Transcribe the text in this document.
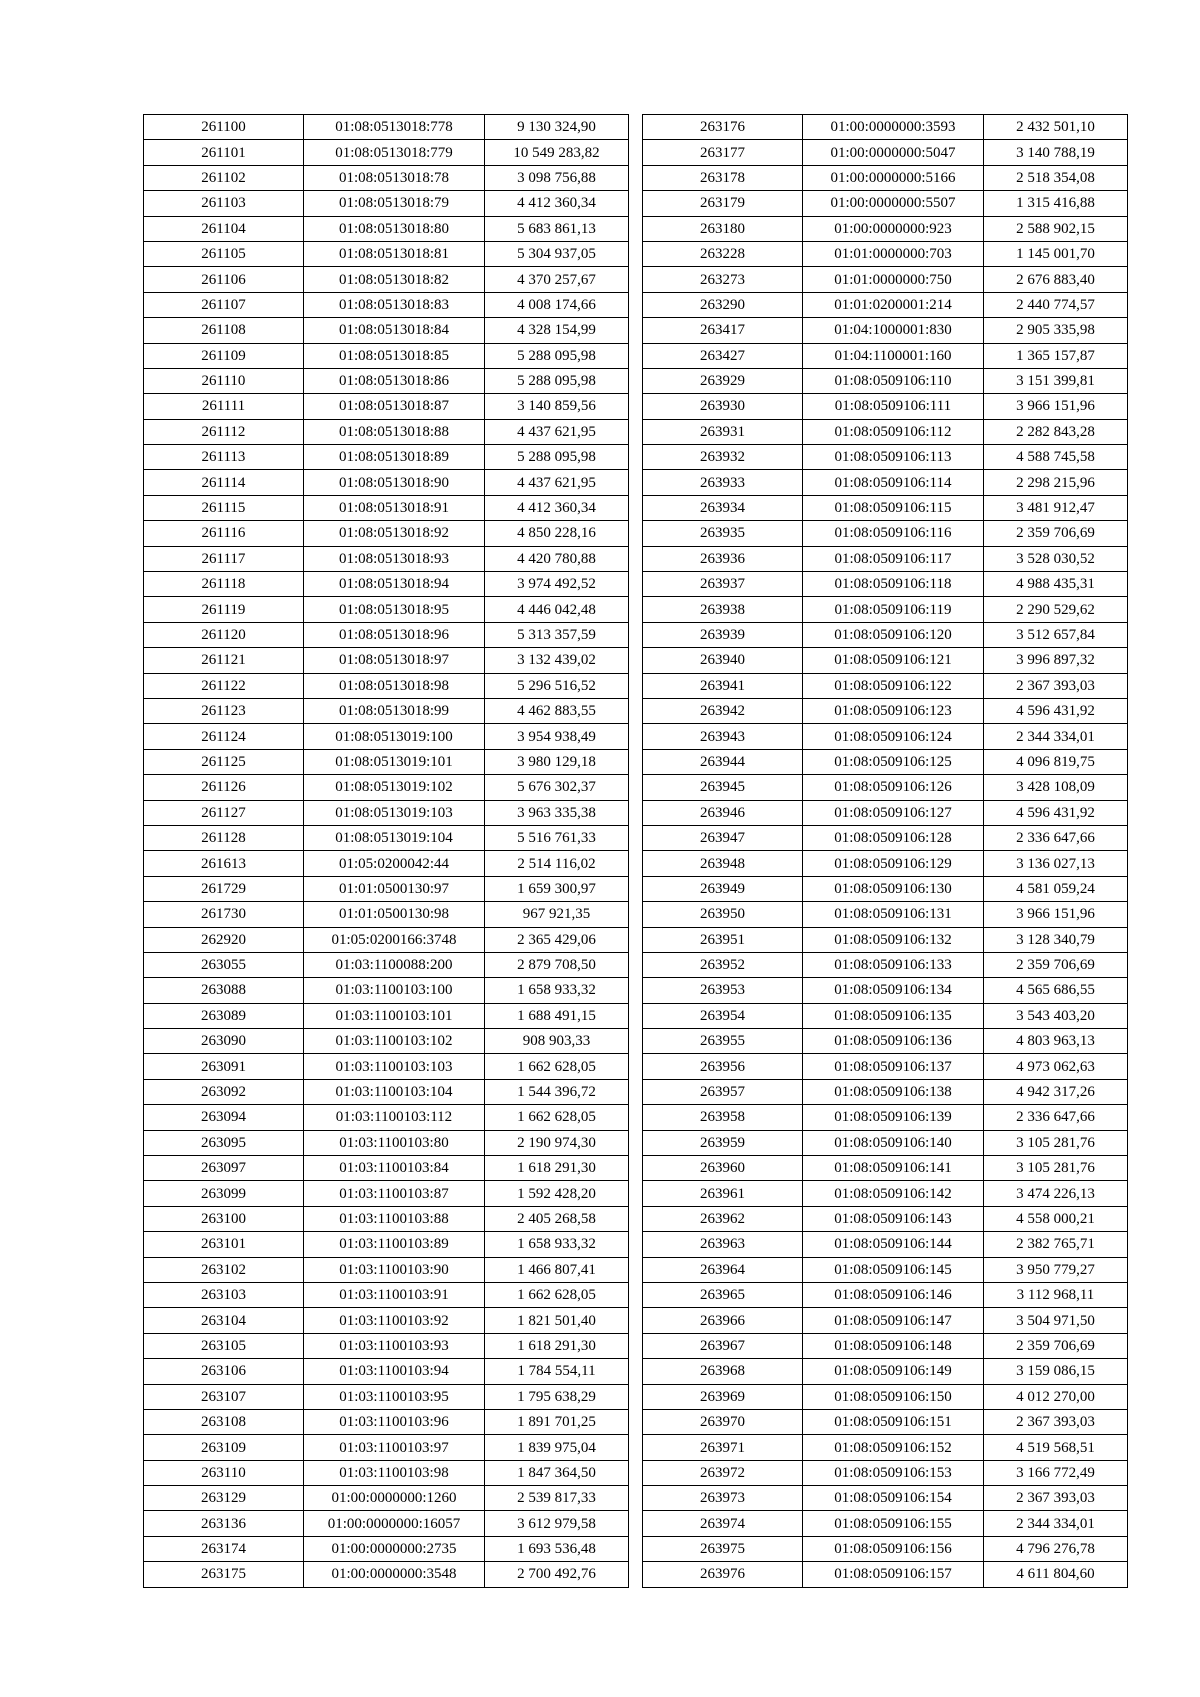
261100	01:08:0513018:778	9 130 324,90
261101	01:08:0513018:779	10 549 283,82
261102	01:08:0513018:78	3 098 756,88
261103	01:08:0513018:79	4 412 360,34
261104	01:08:0513018:80	5 683 861,13
261105	01:08:0513018:81	5 304 937,05
261106	01:08:0513018:82	4 370 257,67
261107	01:08:0513018:83	4 008 174,66
261108	01:08:0513018:84	4 328 154,99
261109	01:08:0513018:85	5 288 095,98
261110	01:08:0513018:86	5 288 095,98
261111	01:08:0513018:87	3 140 859,56
261112	01:08:0513018:88	4 437 621,95
261113	01:08:0513018:89	5 288 095,98
261114	01:08:0513018:90	4 437 621,95
261115	01:08:0513018:91	4 412 360,34
261116	01:08:0513018:92	4 850 228,16
261117	01:08:0513018:93	4 420 780,88
261118	01:08:0513018:94	3 974 492,52
261119	01:08:0513018:95	4 446 042,48
261120	01:08:0513018:96	5 313 357,59
261121	01:08:0513018:97	3 132 439,02
261122	01:08:0513018:98	5 296 516,52
261123	01:08:0513018:99	4 462 883,55
261124	01:08:0513019:100	3 954 938,49
261125	01:08:0513019:101	3 980 129,18
261126	01:08:0513019:102	5 676 302,37
261127	01:08:0513019:103	3 963 335,38
261128	01:08:0513019:104	5 516 761,33
261613	01:05:0200042:44	2 514 116,02
261729	01:01:0500130:97	1 659 300,97
261730	01:01:0500130:98	967 921,35
262920	01:05:0200166:3748	2 365 429,06
263055	01:03:1100088:200	2 879 708,50
263088	01:03:1100103:100	1 658 933,32
263089	01:03:1100103:101	1 688 491,15
263090	01:03:1100103:102	908 903,33
263091	01:03:1100103:103	1 662 628,05
263092	01:03:1100103:104	1 544 396,72
263094	01:03:1100103:112	1 662 628,05
263095	01:03:1100103:80	2 190 974,30
263097	01:03:1100103:84	1 618 291,30
263099	01:03:1100103:87	1 592 428,20
263100	01:03:1100103:88	2 405 268,58
263101	01:03:1100103:89	1 658 933,32
263102	01:03:1100103:90	1 466 807,41
263103	01:03:1100103:91	1 662 628,05
263104	01:03:1100103:92	1 821 501,40
263105	01:03:1100103:93	1 618 291,30
263106	01:03:1100103:94	1 784 554,11
263107	01:03:1100103:95	1 795 638,29
263108	01:03:1100103:96	1 891 701,25
263109	01:03:1100103:97	1 839 975,04
263110	01:03:1100103:98	1 847 364,50
263129	01:00:0000000:1260	2 539 817,33
263136	01:00:0000000:16057	3 612 979,58
263174	01:00:0000000:2735	1 693 536,48
263175	01:00:0000000:3548	2 700 492,76
263176	01:00:0000000:3593	2 432 501,10
263177	01:00:0000000:5047	3 140 788,19
263178	01:00:0000000:5166	2 518 354,08
263179	01:00:0000000:5507	1 315 416,88
263180	01:00:0000000:923	2 588 902,15
263228	01:01:0000000:703	1 145 001,70
263273	01:01:0000000:750	2 676 883,40
263290	01:01:0200001:214	2 440 774,57
263417	01:04:1000001:830	2 905 335,98
263427	01:04:1100001:160	1 365 157,87
263929	01:08:0509106:110	3 151 399,81
263930	01:08:0509106:111	3 966 151,96
263931	01:08:0509106:112	2 282 843,28
263932	01:08:0509106:113	4 588 745,58
263933	01:08:0509106:114	2 298 215,96
263934	01:08:0509106:115	3 481 912,47
263935	01:08:0509106:116	2 359 706,69
263936	01:08:0509106:117	3 528 030,52
263937	01:08:0509106:118	4 988 435,31
263938	01:08:0509106:119	2 290 529,62
263939	01:08:0509106:120	3 512 657,84
263940	01:08:0509106:121	3 996 897,32
263941	01:08:0509106:122	2 367 393,03
263942	01:08:0509106:123	4 596 431,92
263943	01:08:0509106:124	2 344 334,01
263944	01:08:0509106:125	4 096 819,75
263945	01:08:0509106:126	3 428 108,09
263946	01:08:0509106:127	4 596 431,92
263947	01:08:0509106:128	2 336 647,66
263948	01:08:0509106:129	3 136 027,13
263949	01:08:0509106:130	4 581 059,24
263950	01:08:0509106:131	3 966 151,96
263951	01:08:0509106:132	3 128 340,79
263952	01:08:0509106:133	2 359 706,69
263953	01:08:0509106:134	4 565 686,55
263954	01:08:0509106:135	3 543 403,20
263955	01:08:0509106:136	4 803 963,13
263956	01:08:0509106:137	4 973 062,63
263957	01:08:0509106:138	4 942 317,26
263958	01:08:0509106:139	2 336 647,66
263959	01:08:0509106:140	3 105 281,76
263960	01:08:0509106:141	3 105 281,76
263961	01:08:0509106:142	3 474 226,13
263962	01:08:0509106:143	4 558 000,21
263963	01:08:0509106:144	2 382 765,71
263964	01:08:0509106:145	3 950 779,27
263965	01:08:0509106:146	3 112 968,11
263966	01:08:0509106:147	3 504 971,50
263967	01:08:0509106:148	2 359 706,69
263968	01:08:0509106:149	3 159 086,15
263969	01:08:0509106:150	4 012 270,00
263970	01:08:0509106:151	2 367 393,03
263971	01:08:0509106:152	4 519 568,51
263972	01:08:0509106:153	3 166 772,49
263973	01:08:0509106:154	2 367 393,03
263974	01:08:0509106:155	2 344 334,01
263975	01:08:0509106:156	4 796 276,78
263976	01:08:0509106:157	4 611 804,60
